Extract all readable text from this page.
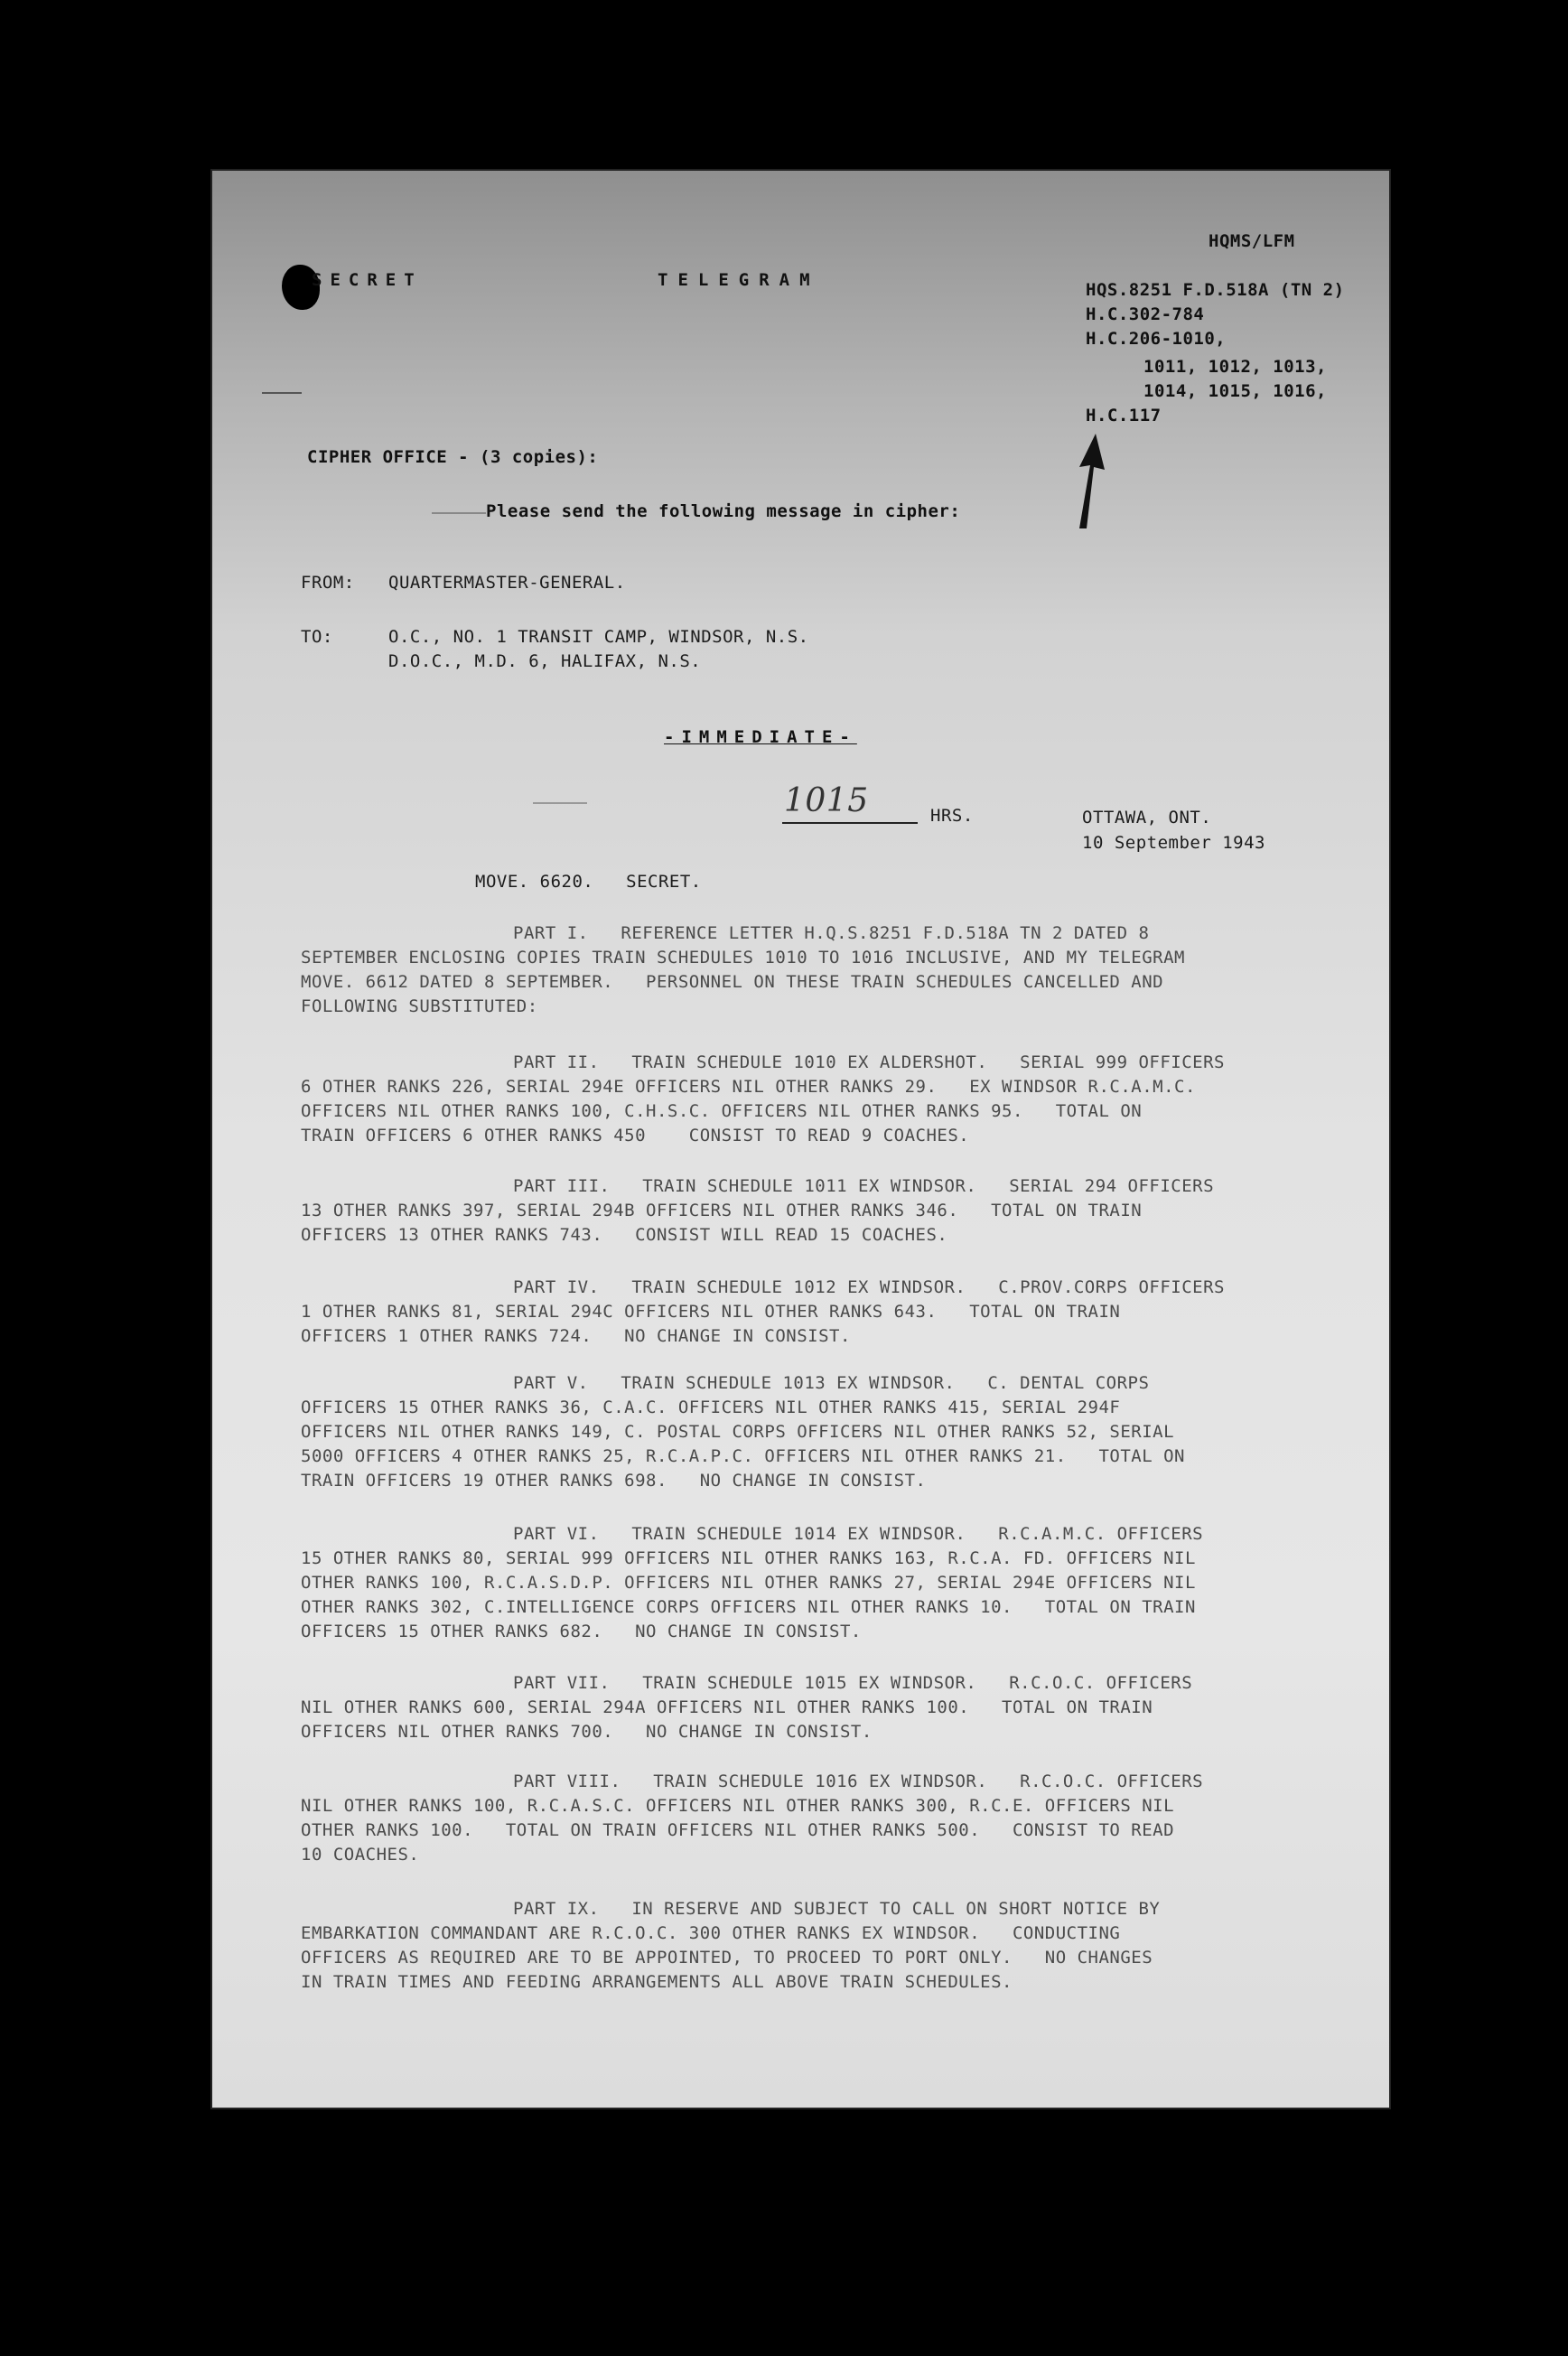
SECRET	TELEGRAM
HQMS/LFM
HQS.8251 F.D.518A (TN 2)
H.C.302-784
H.C.206-1010,
1011, 1012, 1013,
1014, 1015, 1016,
H.C.117
CIPHER OFFICE - (3 copies):
Please send the following message in cipher:
FROM: QUARTERMASTER-GENERAL.
TO:	O.C., NO. 1 TRANSIT CAMP, WINDSOR, N.S.
D.O.C., M.D. 6, HALIFAX, N.S.
-IMMEDIATE-
1015	HRS.	OTTAWA, ONT.
10 September 1943
MOVE. 6620.   SECRET.
PART I.   REFERENCE LETTER H.Q.S.8251 F.D.518A TN 2 DATED 8
SEPTEMBER ENCLOSING COPIES TRAIN SCHEDULES 1010 TO 1016 INCLUSIVE, AND MY TELEGRAM
MOVE. 6612 DATED 8 SEPTEMBER.   PERSONNEL ON THESE TRAIN SCHEDULES CANCELLED AND
FOLLOWING SUBSTITUTED:
PART II.   TRAIN SCHEDULE 1010 EX ALDERSHOT.   SERIAL 999 OFFICERS
6 OTHER RANKS 226, SERIAL 294E OFFICERS NIL OTHER RANKS 29.   EX WINDSOR R.C.A.M.C.
OFFICERS NIL OTHER RANKS 100, C.H.S.C. OFFICERS NIL OTHER RANKS 95.   TOTAL ON
TRAIN OFFICERS 6 OTHER RANKS 450    CONSIST TO READ 9 COACHES.
PART III.   TRAIN SCHEDULE 1011 EX WINDSOR.   SERIAL 294 OFFICERS
13 OTHER RANKS 397, SERIAL 294B OFFICERS NIL OTHER RANKS 346.   TOTAL ON TRAIN
OFFICERS 13 OTHER RANKS 743.   CONSIST WILL READ 15 COACHES.
PART IV.   TRAIN SCHEDULE 1012 EX WINDSOR.   C.PROV.CORPS OFFICERS
1 OTHER RANKS 81, SERIAL 294C OFFICERS NIL OTHER RANKS 643.   TOTAL ON TRAIN
OFFICERS 1 OTHER RANKS 724.   NO CHANGE IN CONSIST.
PART V.   TRAIN SCHEDULE 1013 EX WINDSOR.   C. DENTAL CORPS
OFFICERS 15 OTHER RANKS 36, C.A.C. OFFICERS NIL OTHER RANKS 415, SERIAL 294F
OFFICERS NIL OTHER RANKS 149, C. POSTAL CORPS OFFICERS NIL OTHER RANKS 52, SERIAL
5000 OFFICERS 4 OTHER RANKS 25, R.C.A.P.C. OFFICERS NIL OTHER RANKS 21.   TOTAL ON
TRAIN OFFICERS 19 OTHER RANKS 698.   NO CHANGE IN CONSIST.
PART VI.   TRAIN SCHEDULE 1014 EX WINDSOR.   R.C.A.M.C. OFFICERS
15 OTHER RANKS 80, SERIAL 999 OFFICERS NIL OTHER RANKS 163, R.C.A. FD. OFFICERS NIL
OTHER RANKS 100, R.C.A.S.D.P. OFFICERS NIL OTHER RANKS 27, SERIAL 294E OFFICERS NIL
OTHER RANKS 302, C.INTELLIGENCE CORPS OFFICERS NIL OTHER RANKS 10.   TOTAL ON TRAIN
OFFICERS 15 OTHER RANKS 682.   NO CHANGE IN CONSIST.
PART VII.   TRAIN SCHEDULE 1015 EX WINDSOR.   R.C.O.C. OFFICERS
NIL OTHER RANKS 600, SERIAL 294A OFFICERS NIL OTHER RANKS 100.   TOTAL ON TRAIN
OFFICERS NIL OTHER RANKS 700.   NO CHANGE IN CONSIST.
PART VIII.   TRAIN SCHEDULE 1016 EX WINDSOR.   R.C.O.C. OFFICERS
NIL OTHER RANKS 100, R.C.A.S.C. OFFICERS NIL OTHER RANKS 300, R.C.E. OFFICERS NIL
OTHER RANKS 100.   TOTAL ON TRAIN OFFICERS NIL OTHER RANKS 500.   CONSIST TO READ
10 COACHES.
PART IX.   IN RESERVE AND SUBJECT TO CALL ON SHORT NOTICE BY
EMBARKATION COMMANDANT ARE R.C.O.C. 300 OTHER RANKS EX WINDSOR.   CONDUCTING
OFFICERS AS REQUIRED ARE TO BE APPOINTED, TO PROCEED TO PORT ONLY.   NO CHANGES
IN TRAIN TIMES AND FEEDING ARRANGEMENTS ALL ABOVE TRAIN SCHEDULES.
